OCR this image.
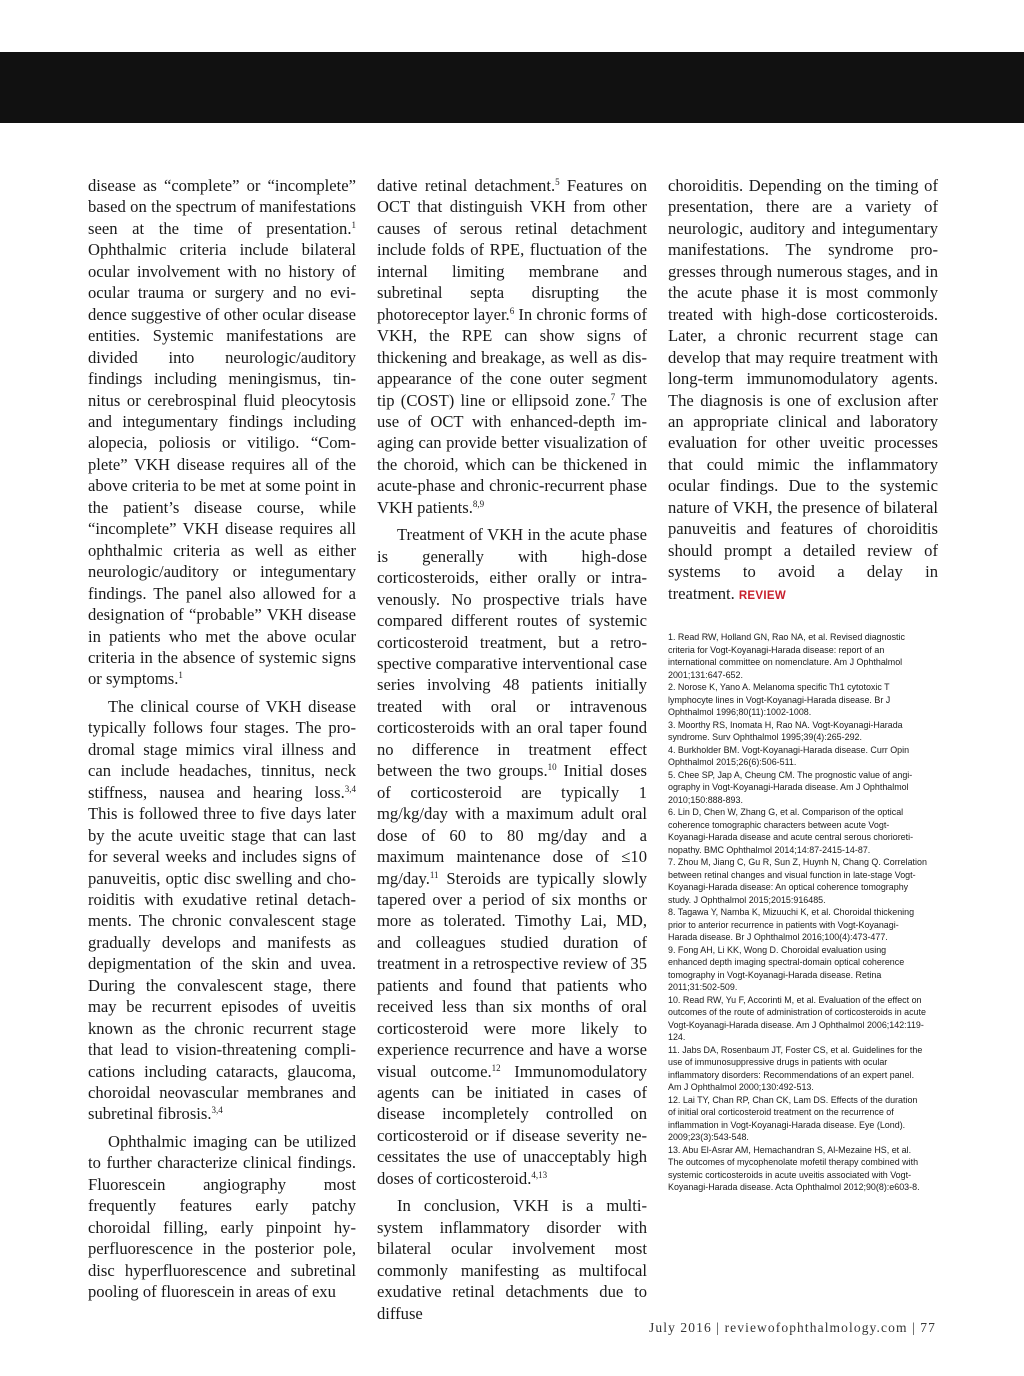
disease as “complete” or “incomplete” based on the spectrum of manifestations seen at the time of presentation.$^1$ Ophthalmic criteria include bilateral ocular involvement with no history of ocular trauma or surgery and no evidence suggestive of other ocular disease entities. Systemic manifestations are divided into neurologic/auditory findings including meningismus, tinnitus or cerebrospinal fluid pleocytosis and integumentary findings including alopecia, poliosis or vitiligo. “Complete” VKH disease requires all of the above criteria to be met at some point in the patient’s disease course, while “incomplete” VKH disease requires all ophthalmic criteria as well as either neurologic/auditory or integumentary findings. The panel also allowed for a designation of “probable” VKH disease in patients who met the above ocular criteria in the absence of systemic signs or symptoms.$^1$

The clinical course of VKH disease typically follows four stages. The prodromal stage mimics viral illness and can include headaches, tinnitus, neck stiffness, nausea and hearing loss.$^{3,4}$ This is followed three to five days later by the acute uveitic stage that can last for several weeks and includes signs of panuveitis, optic disc swelling and choroiditis with exudative retinal detachments. The chronic convalescent stage gradually develops and manifests as depigmentation of the skin and uvea. During the convalescent stage, there may be recurrent episodes of uveitis known as the chronic recurrent stage that lead to vision-threatening complications including cataracts, glaucoma, choroidal neovascular membranes and subretinal fibrosis.$^{3,4}$

Ophthalmic imaging can be utilized to further characterize clinical findings. Fluorescein angiography most frequently features early patchy choroidal filling, early pinpoint hyperfluorescence in the posterior pole, disc hyperfluorescence and subretinal pooling of fluorescein in areas of exu

dative retinal detachment.$^5$ Features on OCT that distinguish VKH from other causes of serous retinal detachment include folds of RPE, fluctuation of the internal limiting membrane and subretinal septa disrupting the photoreceptor layer.$^6$ In chronic forms of VKH, the RPE can show signs of thickening and breakage, as well as disappearance of the cone outer segment tip (COST) line or ellipsoid zone.$^7$ The use of OCT with enhanced-depth imaging can provide better visualization of the choroid, which can be thickened in acute-phase and chronic-recurrent phase VKH patients.$^{8,9}$

Treatment of VKH in the acute phase is generally with high-dose corticosteroids, either orally or intravenously. No prospective trials have compared different routes of systemic corticosteroid treatment, but a retrospective comparative interventional case series involving 48 patients initially treated with oral or intravenous corticosteroids with an oral taper found no difference in treatment effect between the two groups.$^{10}$ Initial doses of corticosteroid are typically 1 mg/kg/day with a maximum adult oral dose of 60 to 80 mg/day and a maximum maintenance dose of ≤10 mg/day.$^{11}$ Steroids are typically slowly tapered over a period of six months or more as tolerated. Timothy Lai, MD, and colleagues studied duration of treatment in a retrospective review of 35 patients and found that patients who received less than six months of oral corticosteroid were more likely to experience recurrence and have a worse visual outcome.$^{12}$ Immunomodulatory agents can be initiated in cases of disease incompletely controlled on corticosteroid or if disease severity necessitates the use of unacceptably high doses of corticosteroid.$^{4,13}$

In conclusion, VKH is a multi-system inflammatory disorder with bilateral ocular involvement most commonly manifesting as multifocal exudative retinal detachments due to diffuse

choroiditis. Depending on the timing of presentation, there are a variety of neurologic, auditory and integumentary manifestations. The syndrome progresses through numerous stages, and in the acute phase it is most commonly treated with high-dose corticosteroids. Later, a chronic recurrent stage can develop that may require treatment with long-term immunomodulatory agents. The diagnosis is one of exclusion after an appropriate clinical and laboratory evaluation for other uveitic processes that could mimic the inflammatory ocular findings. Due to the systemic nature of VKH, the presence of bilateral panuveitis and features of choroiditis should prompt a detailed review of systems to avoid a delay in treatment. REVIEW

1. Read RW, Holland GN, Rao NA, et al. Revised diagnostic criteria for Vogt-Koyanagi-Harada disease: report of an international committee on nomenclature. Am J Ophthalmol 2001;131:647-652.

2. Norose K, Yano A. Melanoma specific Th1 cytotoxic T lymphocyte lines in Vogt-Koyanagi-Harada disease. Br J Ophthalmol 1996;80(11):1002-1008.

3. Moorthy RS, Inomata H, Rao NA. Vogt-Koyanagi-Harada syndrome. Surv Ophthalmol 1995;39(4):265-292.

4. Burkholder BM. Vogt-Koyanagi-Harada disease. Curr Opin Ophthalmol 2015;26(6):506-511.

5. Chee SP, Jap A, Cheung CM. The prognostic value of angiography in Vogt-Koyanagi-Harada disease. Am J Ophthalmol 2010;150:888-893.

6. Lin D, Chen W, Zhang G, et al. Comparison of the optical coherence tomographic characters between acute Vogt-Koyanagi-Harada disease and acute central serous chorioretinopathy. BMC Ophthalmol 2014;14:87-2415-14-87.

7. Zhou M, Jiang C, Gu R, Sun Z, Huynh N, Chang Q. Correlation between retinal changes and visual function in late-stage Vogt-Koyanagi-Harada disease: An optical coherence tomography study. J Ophthalmol 2015;2015:916485.

8. Tagawa Y, Namba K, Mizuuchi K, et al. Choroidal thickening prior to anterior recurrence in patients with Vogt-Koyanagi-Harada disease. Br J Ophthalmol 2016;100(4):473-477.

9. Fong AH, Li KK, Wong D. Choroidal evaluation using enhanced depth imaging spectral-domain optical coherence tomography in Vogt-Koyanagi-Harada disease. Retina 2011;31:502-509.

10. Read RW, Yu F, Accorinti M, et al. Evaluation of the effect on outcomes of the route of administration of corticosteroids in acute Vogt-Koyanagi-Harada disease. Am J Ophthalmol 2006;142:119-124.

11. Jabs DA, Rosenbaum JT, Foster CS, et al. Guidelines for the use of immunosuppressive drugs in patients with ocular inflammatory disorders: Recommendations of an expert panel. Am J Ophthalmol 2000;130:492-513.

12. Lai TY, Chan RP, Chan CK, Lam DS. Effects of the duration of initial oral corticosteroid treatment on the recurrence of inflammation in Vogt-Koyanagi-Harada disease. Eye (Lond). 2009;23(3):543-548.

13. Abu El-Asrar AM, Hemachandran S, Al-Mezaine HS, et al. The outcomes of mycophenolate mofetil therapy combined with systemic corticosteroids in acute uveitis associated with Vogt-Koyanagi-Harada disease. Acta Ophthalmol 2012;90(8):e603-8.

July 2016 | reviewofophthalmology.com | 77
